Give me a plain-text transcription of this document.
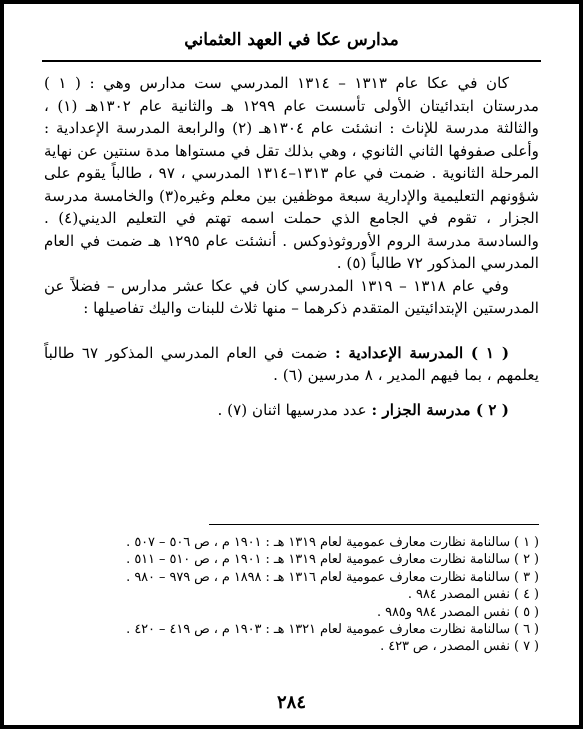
مدارس عكا في العهد العثماني

كان في عكا عام ١٣١٣ – ١٣١٤ المدرسي ست مدارس وهي : ( ١ ) مدرستان ابتدائيتان الأولى تأسست عام ١٢٩٩ هـ والثانية عام ١٣٠٢هـ (١) ، والثالثة مدرسة للإناث : انشئت عام ١٣٠٤هـ (٢) والرابعة المدرسة الإعدادية : وأعلى صفوفها الثاني الثانوي ، وهي بذلك تقل في مستواها مدة سنتين عن نهاية المرحلة الثانوية . ضمت في عام ١٣١٣–١٣١٤ المدرسي ، ٩٧ ، طالباً يقوم على شؤونهم التعليمية والإدارية سبعة موظفين بين معلم وغيره(٣) والخامسة مدرسة الجزار ، تقوم في الجامع الذي حملت اسمه تهتم في التعليم الديني(٤) . والسادسة مدرسة الروم الأوروثوذوكس . أنشئت عام ١٢٩٥ هـ ضمت في العام المدرسي المذكور ٧٢ طالباً (٥) .

وفي عام ١٣١٨ – ١٣١٩ المدرسي كان في عكا عشر مدارس – فضلاً عن المدرستين الإبتدائيتين المتقدم ذكرهما – منها ثلاث للبنات واليك تفاصيلها :

( ١ ) المدرسة الإعدادية : ضمت في العام المدرسي المذكور ٦٧ طالباً يعلمهم ، بما فيهم المدير ، ٨ مدرسين (٦) .

( ٢ ) مدرسة الجزار : عدد مدرسيها اثنان (٧) .

( ١ ) سالنامة نظارت معارف عمومية لعام ١٣١٩ هـ : ١٩٠١ م ، ص ٥٠٦ – ٥٠٧ .
( ٢ ) سالنامة نظارت معارف عمومية لعام ١٣١٩ هـ : ١٩٠١ م ، ص ٥١٠ – ٥١١ .
( ٣ ) سالنامة نظارت معارف عمومية لعام ١٣١٦ هـ : ١٨٩٨ م ، ص ٩٧٩ – ٩٨٠ .
( ٤ ) نفس المصدر ٩٨٤ .
( ٥ ) نفس المصدر ٩٨٤ و٩٨٥ .
( ٦ ) سالنامة نظارت معارف عمومية لعام ١٣٢١ هـ : ١٩٠٣ م ، ص ٤١٩ – ٤٢٠ .
( ٧ ) نفس المصدر ، ص ٤٢٣ .
٢٨٤
